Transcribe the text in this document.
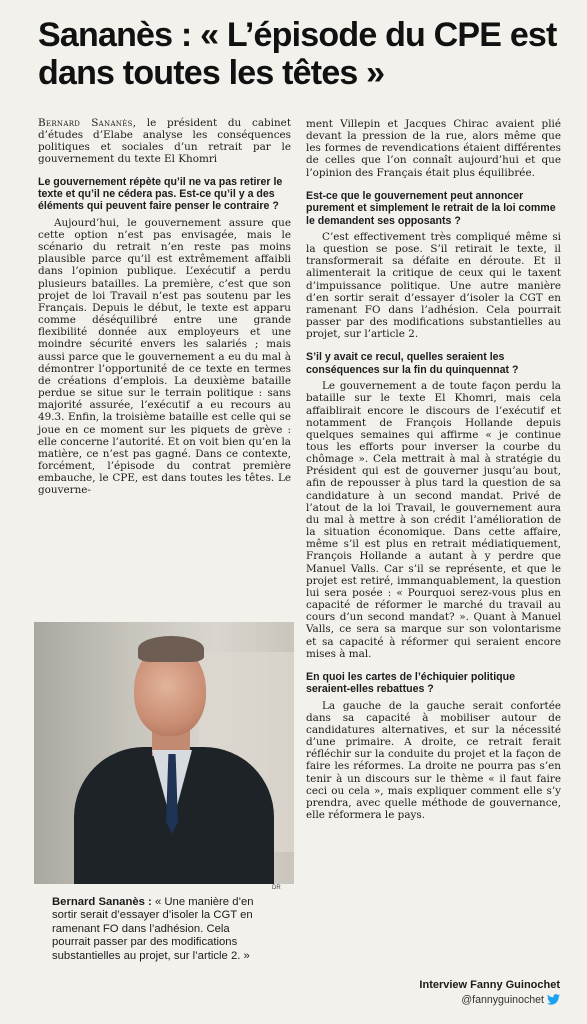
Sananès : « L’épisode du CPE est dans toutes les têtes »

Bernard Sananès, le président du cabinet d’études d’Elabe analyse les conséquences politiques et sociales d’un retrait par le gouvernement du texte El Khomri

Le gouvernement répète qu’il ne va pas retirer le texte et qu’il ne cédera pas. Est-ce qu’il y a des éléments qui peuvent faire penser le contraire ?

Aujourd’hui, le gouvernement assure que cette option n’est pas envisagée, mais le scénario du retrait n’en reste pas moins plausible parce qu’il est extrêmement affaibli dans l’opinion publique. L’exécutif a perdu plusieurs batailles. La première, c’est que son projet de loi Travail n’est pas soutenu par les Français. Depuis le début, le texte est apparu comme déséquilibré entre une grande flexibilité donnée aux employeurs et une moindre sécurité envers les salariés ; mais aussi parce que le gouvernement a eu du mal à démontrer l’opportunité de ce texte en termes de créations d’emplois. La deuxième bataille perdue se situe sur le terrain politique : sans majorité assurée, l’exécutif a eu recours au 49.3. Enfin, la troisième bataille est celle qui se joue en ce moment sur les piquets de grève : elle concerne l’autorité. Et on voit bien qu’en la matière, ce n’est pas gagné. Dans ce contexte, forcément, l’épisode du contrat première embauche, le CPE, est dans toutes les têtes. Le gouverne-

ment Villepin et Jacques Chirac avaient plié devant la pression de la rue, alors même que les formes de revendications étaient différentes de celles que l’on connaît aujourd’hui et que l’opinion des Français était plus équilibrée.

Est-ce que le gouvernement peut annoncer purement et simplement le retrait de la loi comme le demandent ses opposants ?

C’est effectivement très compliqué même si la question se pose. S’il retirait le texte, il transformerait sa défaite en déroute. Et il alimenterait la critique de ceux qui le taxent d’impuissance politique. Une autre manière d’en sortir serait d’essayer d’isoler la CGT en ramenant FO dans l’adhésion. Cela pourrait passer par des modifications substantielles au projet, sur l’article 2.

S’il y avait ce recul, quelles seraient les conséquences sur la fin du quinquennat ?

Le gouvernement a de toute façon perdu la bataille sur le texte El Khomri, mais cela affaiblirait encore le discours de l’exécutif et notamment de François Hollande depuis quelques semaines qui affirme « je continue tous les efforts pour inverser la courbe du chômage ». Cela mettrait à mal à stratégie du Président qui est de gouverner jusqu’au bout, afin de repousser à plus tard la question de sa candidature à un second mandat. Privé de l’atout de la loi Travail, le gouvernement aura du mal à mettre à son crédit l’amélioration de la situation économique. Dans cette affaire, même s’il est plus en retrait médiatiquement, François Hollande a autant à y perdre que Manuel Valls. Car s’il se représente, et que le projet est retiré, immanquablement, la question lui sera posée : « Pourquoi serez-vous plus en capacité de réformer le marché du travail au cours d’un second mandat? ». Quant à Manuel Valls, ce sera sa marque sur son volontarisme et sa capacité à réformer qui seraient encore mises à mal.

En quoi les cartes de l’échiquier politique seraient-elles rebattues ?

La gauche de la gauche serait confortée dans sa capacité à mobiliser autour de candidatures alternatives, et sur la nécessité d’une primaire. A droite, ce retrait ferait réfléchir sur la conduite du projet et la façon de faire les réformes. La droite ne pourra pas s’en tenir à un discours sur le thème « il faut faire ceci ou cela », mais expliquer comment elle s’y prendra, avec quelle méthode de gouvernance, elle réformera le pays.

DR

Bernard Sananès : « Une manière d’en sortir serait d’essayer d’isoler la CGT en ramenant FO dans l’adhésion. Cela pourrait passer par des modifications substantielles au projet, sur l’article 2. »

Interview Fanny Guinochet
@fannyguinochet
